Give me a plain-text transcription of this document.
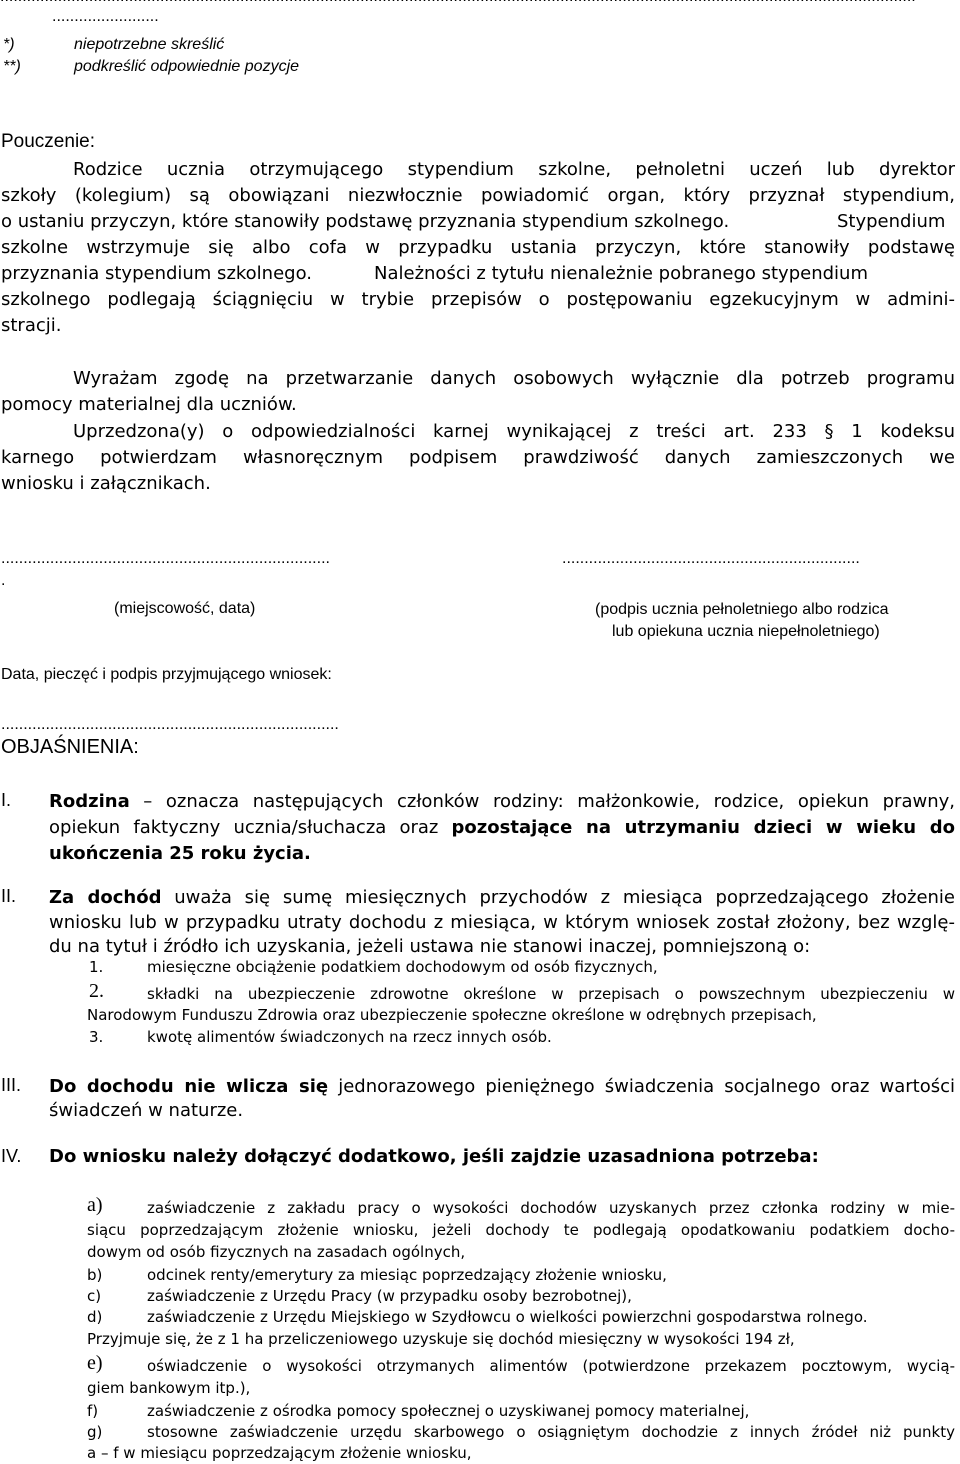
........................
*)	niepotrzebne skreślić
**)	podkreślić odpowiednie pozycje
Pouczenie:
Rodzice ucznia otrzymującego stypendium szkolne, pełnoletni uczeń lub dyrektor
szkoły (kolegium) są obowiązani niezwłocznie powiadomić organ, który przyznał stypendium,
o ustaniu przyczyn, które stanowiły podstawę przyznania stypendium szkolnego.	Stypendium
szkolne wstrzymuje się albo cofa w przypadku ustania przyczyn, które stanowiły podstawę
przyznania stypendium szkolnego.	Należności z tytułu nienależnie pobranego stypendium
szkolnego podlegają ściągnięciu w trybie przepisów o postępowaniu egzekucyjnym w admini-
stracji.
Wyrażam zgodę na przetwarzanie danych osobowych wyłącznie dla potrzeb programu
pomocy materialnej dla uczniów.
Uprzedzona(y) o odpowiedzialności karnej wynikającej z treści art. 233 § 1 kodeksu
karnego potwierdzam własnoręcznym podpisem prawdziwość danych zamieszczonych we
wniosku i załącznikach.
..........................................................................
.
...................................................................
(miejscowość, data)	(podpis ucznia pełnoletniego albo rodzica
lub opiekuna ucznia niepełnoletniego)
Data, pieczęć i podpis przyjmującego wniosek:
............................................................................
OBJAŚNIENIA:
I. Rodzina – oznacza następujących członków rodziny: małżonkowie, rodzice, opiekun prawny,
opiekun faktyczny ucznia/słuchacza oraz pozostające na utrzymaniu dzieci w wieku do
ukończenia 25 roku życia.
II. Za dochód uważa się sumę miesięcznych przychodów z miesiąca poprzedzającego złożenie
wniosku lub w przypadku utraty dochodu z miesiąca, w którym wniosek został złożony, bez wzglę-
du na tytuł i źródło ich uzyskania, jeżeli ustawa nie stanowi inaczej, pomniejszoną o:
1.	miesięczne obciążenie podatkiem dochodowym od osób fizycznych,
2.	składki na ubezpieczenie zdrowotne określone w przepisach o powszechnym ubezpieczeniu w
Narodowym Funduszu Zdrowia oraz ubezpieczenie społeczne określone w odrębnych przepisach,
3.	kwotę alimentów świadczonych na rzecz innych osób.
III. Do dochodu nie wlicza się jednorazowego pieniężnego świadczenia socjalnego oraz wartości
świadczeń w naturze.
IV. Do wniosku należy dołączyć dodatkowo, jeśli zajdzie uzasadniona potrzeba:
a)	zaświadczenie z zakładu pracy o wysokości dochodów uzyskanych przez członka rodziny w mie-
siącu poprzedzającym złożenie wniosku, jeżeli dochody te podlegają opodatkowaniu podatkiem docho-
dowym od osób fizycznych na zasadach ogólnych,
b)	odcinek renty/emerytury za miesiąc poprzedzający złożenie wniosku,
c)	zaświadczenie z Urzędu Pracy (w przypadku osoby bezrobotnej),
d)	zaświadczenie z Urzędu Miejskiego w Szydłowcu o wielkości powierzchni gospodarstwa rolnego.
Przyjmuje się, że z 1 ha przeliczeniowego uzyskuje się dochód miesięczny w wysokości 194 zł,
e)	oświadczenie o wysokości otrzymanych alimentów (potwierdzone przekazem pocztowym, wycią-
giem bankowym itp.),
f)	zaświadczenie z ośrodka pomocy społecznej o uzyskiwanej pomocy materialnej,
g)	stosowne zaświadczenie urzędu skarbowego o osiągniętym dochodzie z innych źródeł niż punkty
a – f w miesiącu poprzedzającym złożenie wniosku,
